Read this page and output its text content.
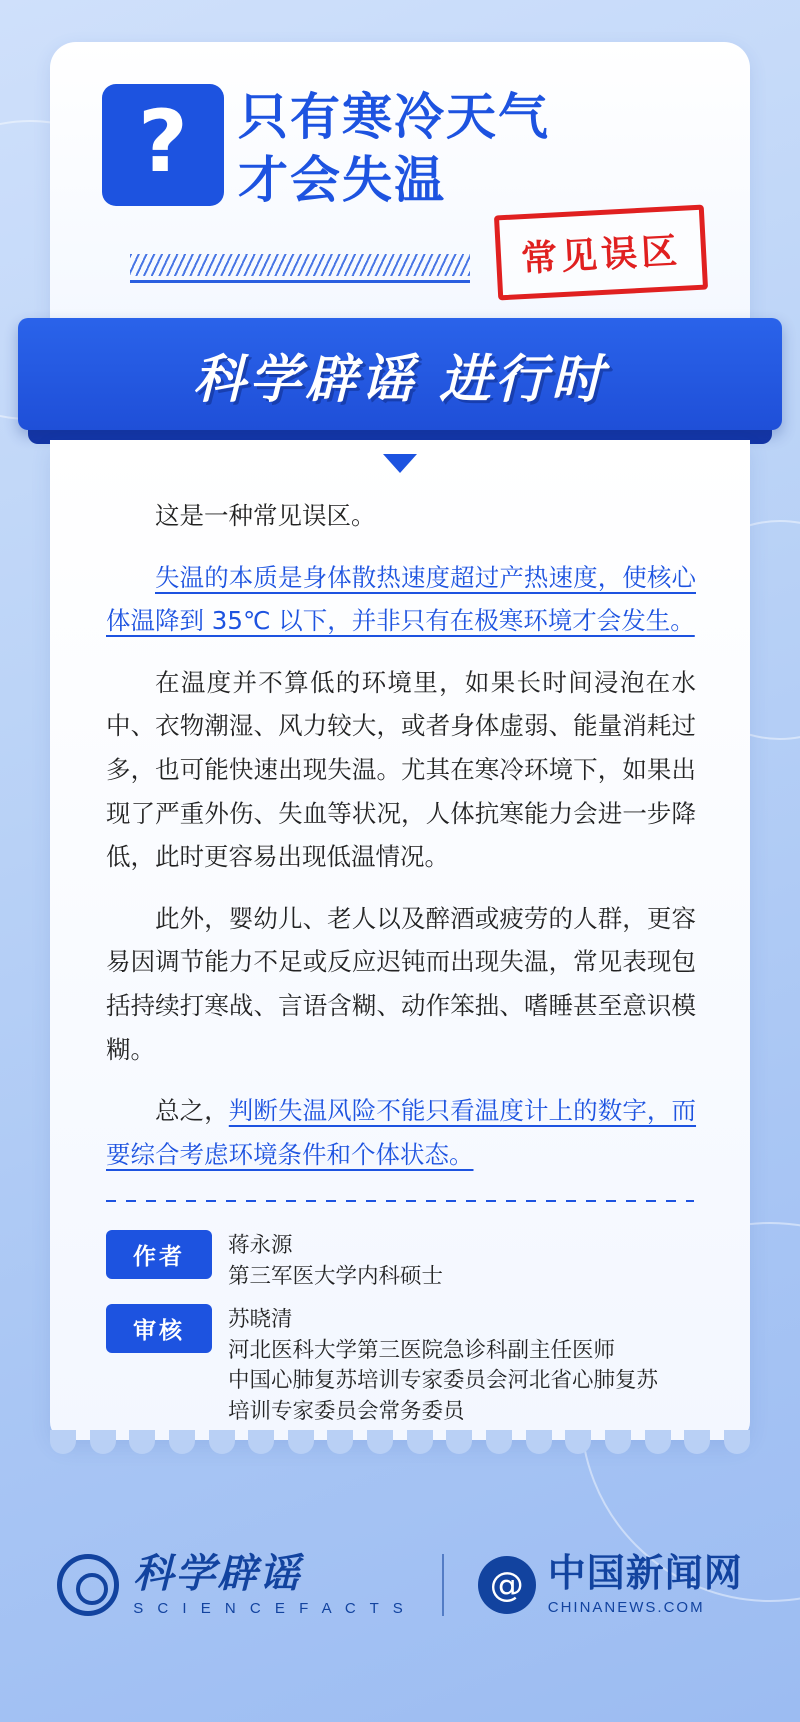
? 只有寒冷天气
才会失温
常见误区
科学辟谣 进行时

这是一种常见误区。

失温的本质是身体散热速度超过产热速度，使核心体温降到 35℃ 以下，并非只有在极寒环境才会发生。

在温度并不算低的环境里，如果长时间浸泡在水中、衣物潮湿、风力较大，或者身体虚弱、能量消耗过多，也可能快速出现失温。尤其在寒冷环境下，如果出现了严重外伤、失血等状况，人体抗寒能力会进一步降低，此时更容易出现低温情况。

此外，婴幼儿、老人以及醉酒或疲劳的人群，更容易因调节能力不足或反应迟钝而出现失温，常见表现包括持续打寒战、言语含糊、动作笨拙、嗜睡甚至意识模糊。

总之，判断失温风险不能只看温度计上的数字，而要综合考虑环境条件和个体状态。

作者	蒋永源
第三军医大学内科硕士
审核	苏晓清
河北医科大学第三医院急诊科副主任医师
中国心肺复苏培训专家委员会河北省心肺复苏
培训专家委员会常务委员
科学辟谣
S C I E N C E F A C T S
@ 中国新闻网
CHINANEWS.COM
